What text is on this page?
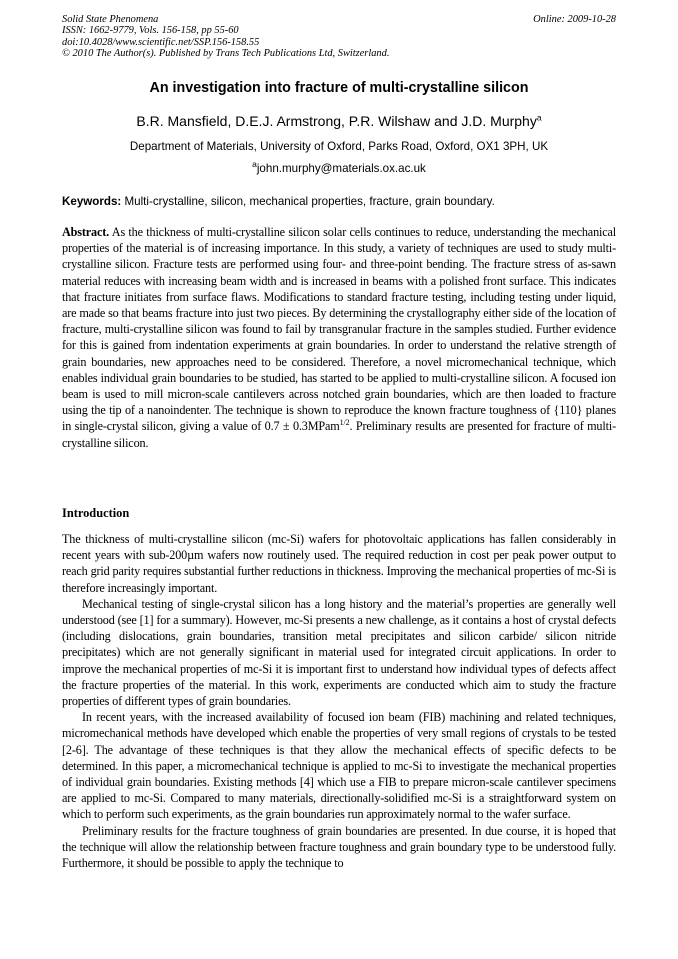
Solid State Phenomena
ISSN: 1662-9779, Vols. 156-158, pp 55-60
doi:10.4028/www.scientific.net/SSP.156-158.55
© 2010 The Author(s). Published by Trans Tech Publications Ltd, Switzerland.
Online: 2009-10-28
An investigation into fracture of multi-crystalline silicon
B.R. Mansfield, D.E.J. Armstrong, P.R. Wilshaw and J.D. Murphy$^a$
Department of Materials, University of Oxford, Parks Road, Oxford, OX1 3PH, UK
$^a$john.murphy@materials.ox.ac.uk
Keywords: Multi-crystalline, silicon, mechanical properties, fracture, grain boundary.
Abstract. As the thickness of multi-crystalline silicon solar cells continues to reduce, understanding the mechanical properties of the material is of increasing importance. In this study, a variety of techniques are used to study multi-crystalline silicon. Fracture tests are performed using four- and three-point bending. The fracture stress of as-sawn material reduces with increasing beam width and is increased in beams with a polished front surface. This indicates that fracture initiates from surface flaws. Modifications to standard fracture testing, including testing under liquid, are made so that beams fracture into just two pieces. By determining the crystallography either side of the location of fracture, multi-crystalline silicon was found to fail by transgranular fracture in the samples studied. Further evidence for this is gained from indentation experiments at grain boundaries. In order to understand the relative strength of grain boundaries, new approaches need to be considered. Therefore, a novel micromechanical technique, which enables individual grain boundaries to be studied, has started to be applied to multi-crystalline silicon. A focused ion beam is used to mill micron-scale cantilevers across notched grain boundaries, which are then loaded to fracture using the tip of a nanoindenter. The technique is shown to reproduce the known fracture toughness of {110} planes in single-crystal silicon, giving a value of 0.7 ± 0.3MPam$^{1/2}$. Preliminary results are presented for fracture of multi-crystalline silicon.
Introduction

The thickness of multi-crystalline silicon (mc-Si) wafers for photovoltaic applications has fallen considerably in recent years with sub-200µm wafers now routinely used. The required reduction in cost per peak power output to reach grid parity requires substantial further reductions in thickness. Improving the mechanical properties of mc-Si is therefore increasingly important.

Mechanical testing of single-crystal silicon has a long history and the material’s properties are generally well understood (see [1] for a summary). However, mc-Si presents a new challenge, as it contains a host of crystal defects (including dislocations, grain boundaries, transition metal precipitates and silicon carbide/ silicon nitride precipitates) which are not generally significant in material used for integrated circuit applications. In order to improve the mechanical properties of mc-Si it is important first to understand how individual types of defects affect the fracture properties of the material. In this work, experiments are conducted which aim to study the fracture properties of different types of grain boundaries.

In recent years, with the increased availability of focused ion beam (FIB) machining and related techniques, micromechanical methods have developed which enable the properties of very small regions of crystals to be tested [2-6]. The advantage of these techniques is that they allow the mechanical effects of specific defects to be determined. In this paper, a micromechanical technique is applied to mc-Si to investigate the mechanical properties of individual grain boundaries. Existing methods [4] which use a FIB to prepare micron-scale cantilever specimens are applied to mc-Si. Compared to many materials, directionally-solidified mc-Si is a straightforward system on which to perform such experiments, as the grain boundaries run approximately normal to the wafer surface.

Preliminary results for the fracture toughness of grain boundaries are presented. In due course, it is hoped that the technique will allow the relationship between fracture toughness and grain boundary type to be understood fully. Furthermore, it should be possible to apply the technique to
